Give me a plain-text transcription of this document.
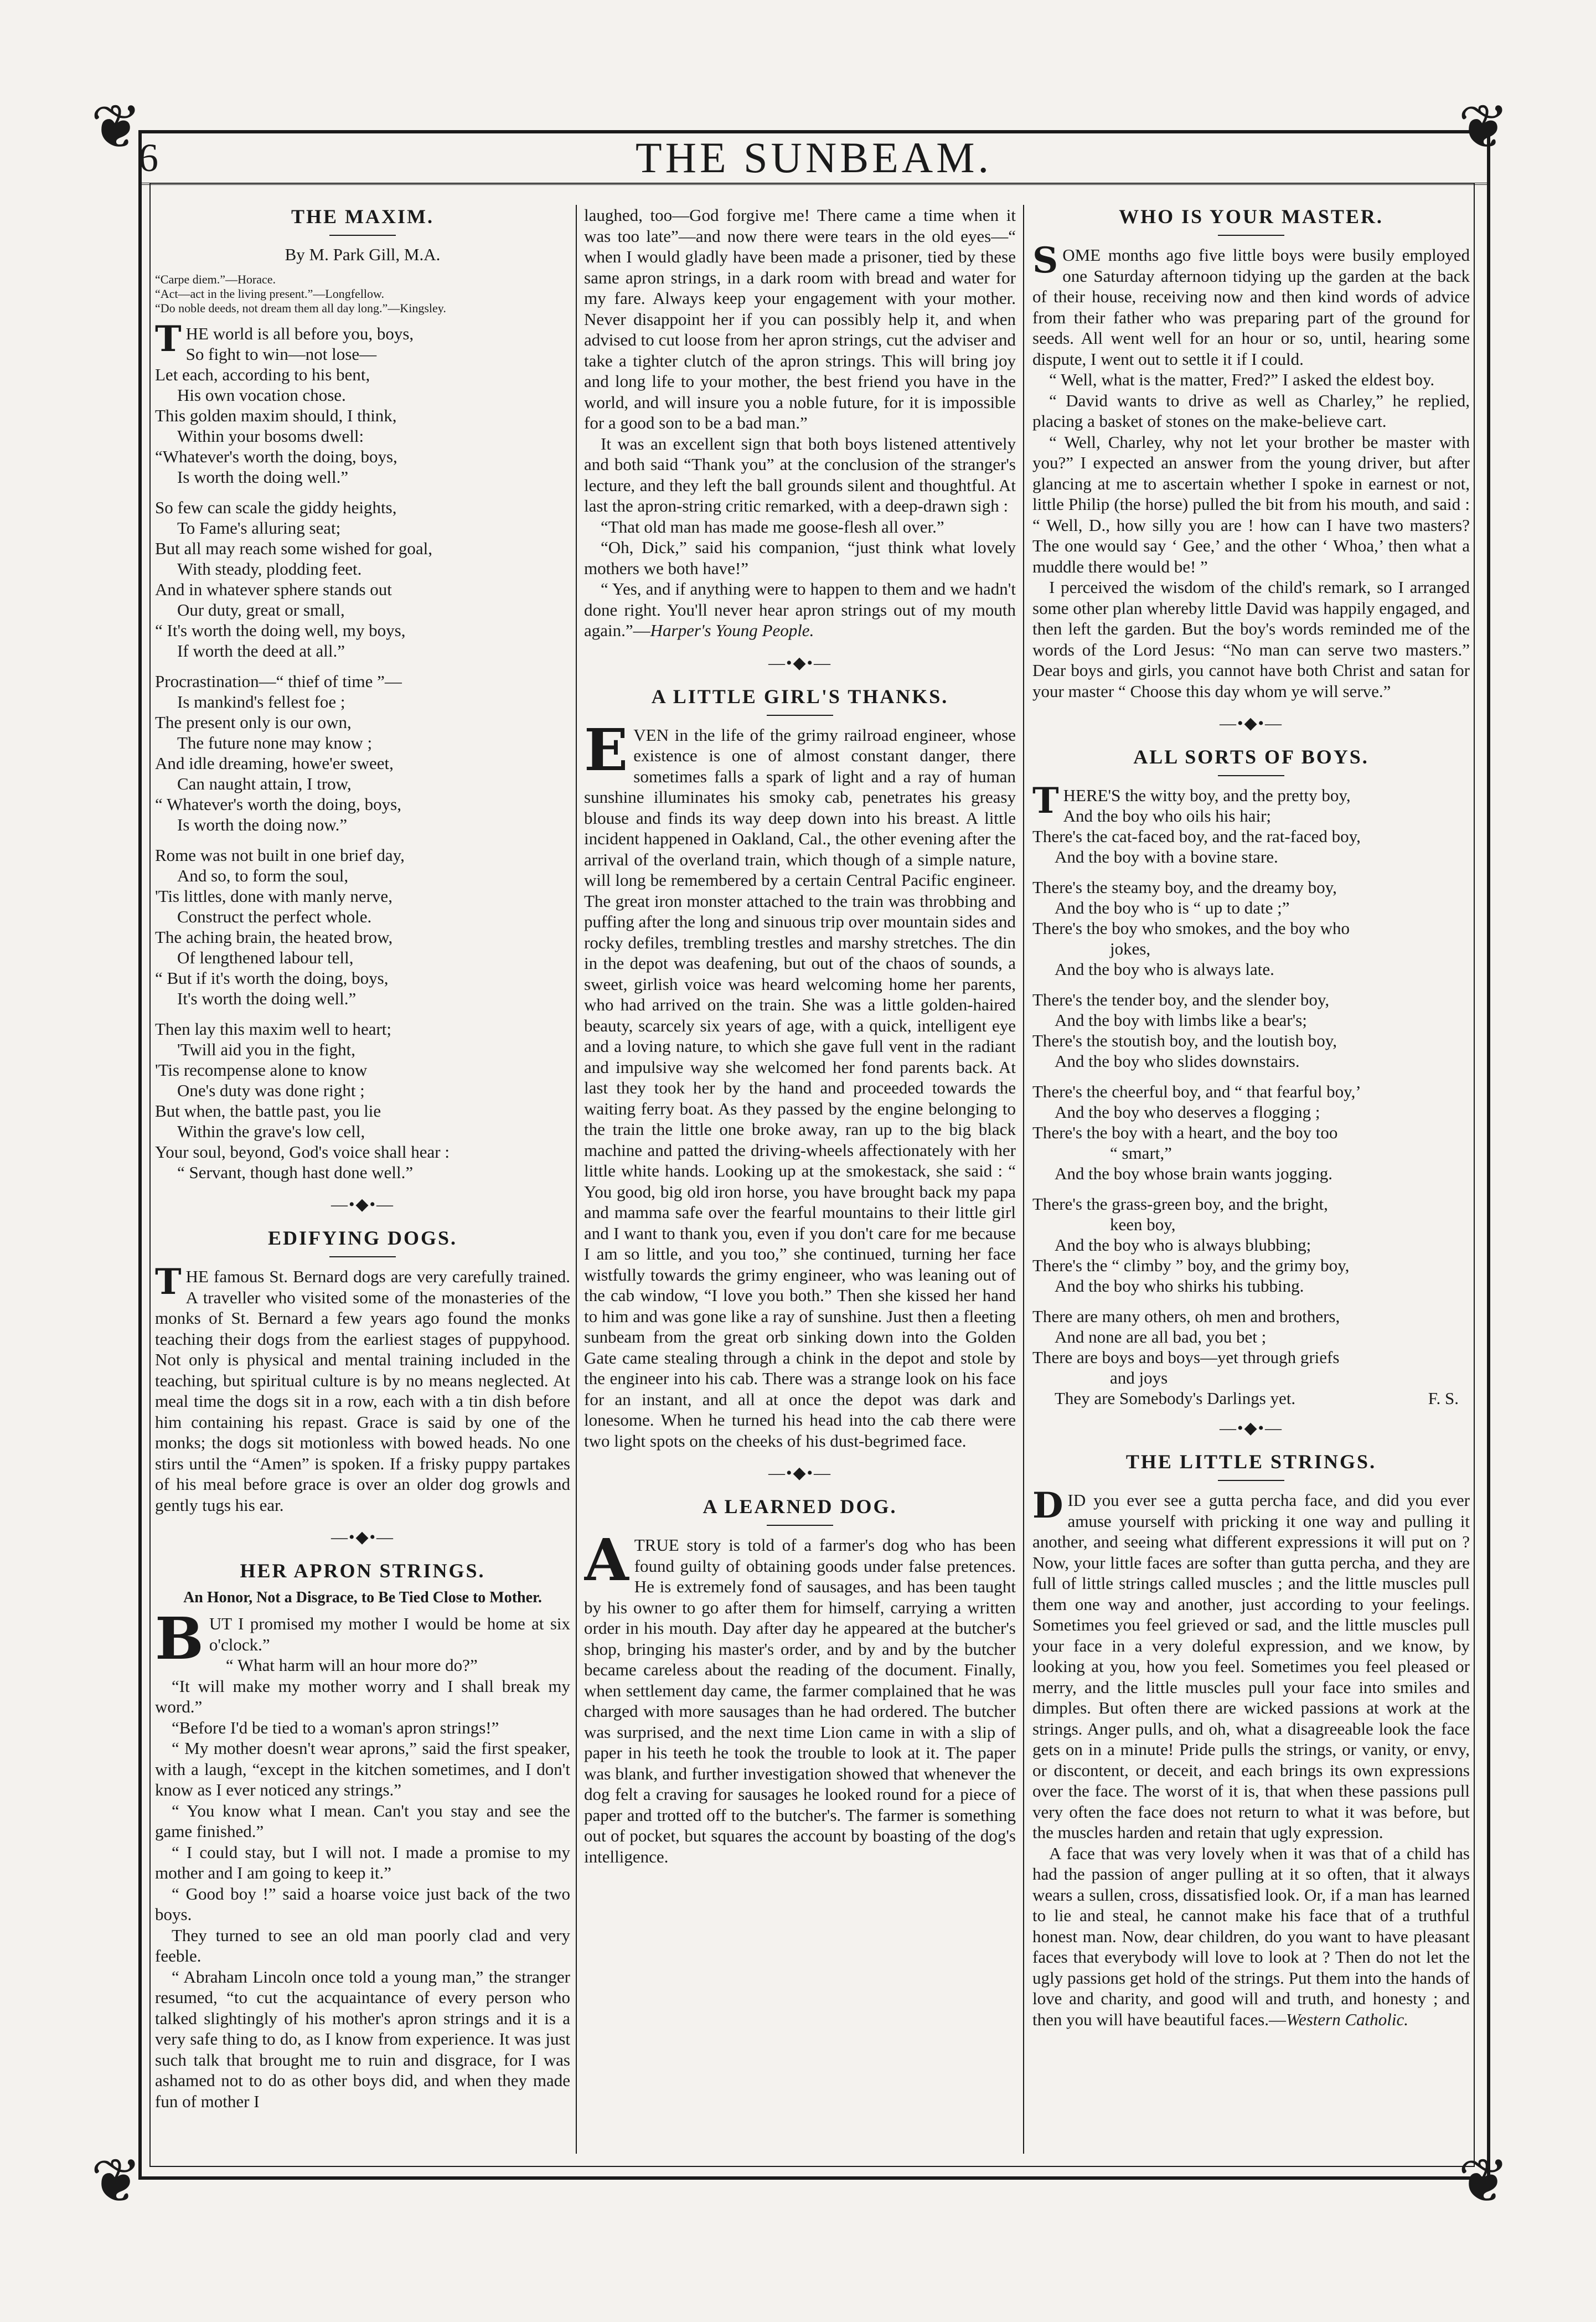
❦	❦
❦	❦
6	THE SUNBEAM.
THE MAXIM.
By M. Park Gill, M.A.
“Carpe diem.”—Horace.
“Act—act in the living present.”—Longfellow.
“Do noble deeds, not dream them all day long.”—Kingsley.
T HE world is all before you, boys,
So fight to win—not lose—
Let each, according to his bent,
His own vocation chose.
This golden maxim should, I think,
Within your bosoms dwell:
“Whatever's worth the doing, boys,
Is worth the doing well.”
So few can scale the giddy heights,
To Fame's alluring seat;
But all may reach some wished for goal,
With steady, plodding feet.
And in whatever sphere stands out
Our duty, great or small,
“ It's worth the doing well, my boys,
If worth the deed at all.”
Procrastination—“ thief of time ”—
Is mankind's fellest foe ;
The present only is our own,
The future none may know ;
And idle dreaming, howe'er sweet,
Can naught attain, I trow,
“ Whatever's worth the doing, boys,
Is worth the doing now.”
Rome was not built in one brief day,
And so, to form the soul,
'Tis littles, done with manly nerve,
Construct the perfect whole.
The aching brain, the heated brow,
Of lengthened labour tell,
“ But if it's worth the doing, boys,
It's worth the doing well.”
Then lay this maxim well to heart;
'Twill aid you in the fight,
'Tis recompense alone to know
One's duty was done right ;
But when, the battle past, you lie
Within the grave's low cell,
Your soul, beyond, God's voice shall hear :
“ Servant, though hast done well.”
—•◆•—
EDIFYING DOGS.

THE famous St. Bernard dogs are very carefully trained. A traveller who visited some of the monasteries of the monks of St. Bernard a few years ago found the monks teaching their dogs from the earliest stages of puppyhood. Not only is physical and mental training included in the teaching, but spiritual culture is by no means neglected. At meal time the dogs sit in a row, each with a tin dish before him containing his repast. Grace is said by one of the monks; the dogs sit motionless with bowed heads. No one stirs until the “Amen” is spoken. If a frisky puppy partakes of his meal before grace is over an older dog growls and gently tugs his ear.

—•◆•—
HER APRON STRINGS.
An Honor, Not a Disgrace, to Be Tied Close to Mother.

BUT I promised my mother I would be home at six o'clock.”

“ What harm will an hour more do?”

“It will make my mother worry and I shall break my word.”

“Before I'd be tied to a woman's apron strings!”

“ My mother doesn't wear aprons,” said the first speaker, with a laugh, “except in the kitchen sometimes, and I don't know as I ever noticed any strings.”

“ You know what I mean. Can't you stay and see the game finished.”

“ I could stay, but I will not. I made a promise to my mother and I am going to keep it.”

“ Good boy !” said a hoarse voice just back of the two boys.

They turned to see an old man poorly clad and very feeble.

“ Abraham Lincoln once told a young man,” the stranger resumed, “to cut the acquaintance of every person who talked slightingly of his mother's apron strings and it is a very safe thing to do, as I know from experience. It was just such talk that brought me to ruin and disgrace, for I was ashamed not to do as other boys did, and when they made fun of mother I

laughed, too—God forgive me! There came a time when it was too late”—and now there were tears in the old eyes—“ when I would gladly have been made a prisoner, tied by these same apron strings, in a dark room with bread and water for my fare. Always keep your engagement with your mother. Never disappoint her if you can possibly help it, and when advised to cut loose from her apron strings, cut the adviser and take a tighter clutch of the apron strings. This will bring joy and long life to your mother, the best friend you have in the world, and will insure you a noble future, for it is impossible for a good son to be a bad man.”

It was an excellent sign that both boys listened attentively and both said “Thank you” at the conclusion of the stranger's lecture, and they left the ball grounds silent and thoughtful. At last the apron-string critic remarked, with a deep-drawn sigh :

“That old man has made me goose-flesh all over.”

“Oh, Dick,” said his companion, “just think what lovely mothers we both have!”

“ Yes, and if anything were to happen to them and we hadn't done right. You'll never hear apron strings out of my mouth again.”—Harper's Young People.

—•◆•—
A LITTLE GIRL'S THANKS.

EVEN in the life of the grimy railroad engineer, whose existence is one of almost constant danger, there sometimes falls a spark of light and a ray of human sunshine illuminates his smoky cab, penetrates his greasy blouse and finds its way deep down into his breast. A little incident happened in Oakland, Cal., the other evening after the arrival of the overland train, which though of a simple nature, will long be remembered by a certain Central Pacific engineer. The great iron monster attached to the train was throbbing and puffing after the long and sinuous trip over mountain sides and rocky defiles, trembling trestles and marshy stretches. The din in the depot was deafening, but out of the chaos of sounds, a sweet, girlish voice was heard welcoming home her parents, who had arrived on the train. She was a little golden-haired beauty, scarcely six years of age, with a quick, intelligent eye and a loving nature, to which she gave full vent in the radiant and impulsive way she welcomed her fond parents back. At last they took her by the hand and proceeded towards the waiting ferry boat. As they passed by the engine belonging to the train the little one broke away, ran up to the big black machine and patted the driving-wheels affectionately with her little white hands. Looking up at the smokestack, she said : “ You good, big old iron horse, you have brought back my papa and mamma safe over the fearful mountains to their little girl and I want to thank you, even if you don't care for me because I am so little, and you too,” she continued, turning her face wistfully towards the grimy engineer, who was leaning out of the cab window, “I love you both.” Then she kissed her hand to him and was gone like a ray of sunshine. Just then a fleeting sunbeam from the great orb sinking down into the Golden Gate came stealing through a chink in the depot and stole by the engineer into his cab. There was a strange look on his face for an instant, and all at once the depot was dark and lonesome. When he turned his head into the cab there were two light spots on the cheeks of his dust-begrimed face.

—•◆•—
A LEARNED DOG.

ATRUE story is told of a farmer's dog who has been found guilty of obtaining goods under false pretences. He is extremely fond of sausages, and has been taught by his owner to go after them for himself, carrying a written order in his mouth. Day after day he appeared at the butcher's shop, bringing his master's order, and by and by the butcher became careless about the reading of the document. Finally, when settlement day came, the farmer complained that he was charged with more sausages than he had ordered. The butcher was surprised, and the next time Lion came in with a slip of paper in his teeth he took the trouble to look at it. The paper was blank, and further investigation showed that whenever the dog felt a craving for sausages he looked round for a piece of paper and trotted off to the butcher's. The farmer is something out of pocket, but squares the account by boasting of the dog's intelligence.

WHO IS YOUR MASTER.

SOME months ago five little boys were busily employed one Saturday afternoon tidying up the garden at the back of their house, receiving now and then kind words of advice from their father who was preparing part of the ground for seeds. All went well for an hour or so, until, hearing some dispute, I went out to settle it if I could.

“ Well, what is the matter, Fred?” I asked the eldest boy.

“ David wants to drive as well as Charley,” he replied, placing a basket of stones on the make-believe cart.

“ Well, Charley, why not let your brother be master with you?” I expected an answer from the young driver, but after glancing at me to ascertain whether I spoke in earnest or not, little Philip (the horse) pulled the bit from his mouth, and said : “ Well, D., how silly you are ! how can I have two masters? The one would say ‘ Gee,’ and the other ‘ Whoa,’ then what a muddle there would be! ”

I perceived the wisdom of the child's remark, so I arranged some other plan whereby little David was happily engaged, and then left the garden. But the boy's words reminded me of the words of the Lord Jesus: “No man can serve two masters.” Dear boys and girls, you cannot have both Christ and satan for your master “ Choose this day whom ye will serve.”

—•◆•—
ALL SORTS OF BOYS.
T HERE'S the witty boy, and the pretty boy,
And the boy who oils his hair;
There's the cat-faced boy, and the rat-faced boy,
And the boy with a bovine stare.
There's the steamy boy, and the dreamy boy,
And the boy who is “ up to date ;”
There's the boy who smokes, and the boy who
jokes,
And the boy who is always late.
There's the tender boy, and the slender boy,
And the boy with limbs like a bear's;
There's the stoutish boy, and the loutish boy,
And the boy who slides downstairs.
There's the cheerful boy, and “ that fearful boy,’
And the boy who deserves a flogging ;
There's the boy with a heart, and the boy too
“ smart,”
And the boy whose brain wants jogging.
There's the grass-green boy, and the bright,
keen boy,
And the boy who is always blubbing;
There's the “ climby ” boy, and the grimy boy,
And the boy who shirks his tubbing.
There are many others, oh men and brothers,
And none are all bad, you bet ;
There are boys and boys—yet through griefs
and joys
They are Somebody's Darlings yet.	F. S.
—•◆•—
THE LITTLE STRINGS.

DID you ever see a gutta percha face, and did you ever amuse yourself with pricking it one way and pulling it another, and seeing what different expressions it will put on ? Now, your little faces are softer than gutta percha, and they are full of little strings called muscles ; and the little muscles pull them one way and another, just according to your feelings. Sometimes you feel grieved or sad, and the little muscles pull your face in a very doleful expression, and we know, by looking at you, how you feel. Sometimes you feel pleased or merry, and the little muscles pull your face into smiles and dimples. But often there are wicked passions at work at the strings. Anger pulls, and oh, what a disagreeable look the face gets on in a minute! Pride pulls the strings, or vanity, or envy, or discontent, or deceit, and each brings its own expressions over the face. The worst of it is, that when these passions pull very often the face does not return to what it was before, but the muscles harden and retain that ugly expression.

A face that was very lovely when it was that of a child has had the passion of anger pulling at it so often, that it always wears a sullen, cross, dissatisfied look. Or, if a man has learned to lie and steal, he cannot make his face that of a truthful honest man. Now, dear children, do you want to have pleasant faces that everybody will love to look at ? Then do not let the ugly passions get hold of the strings. Put them into the hands of love and charity, and good will and truth, and honesty ; and then you will have beautiful faces.—Western Catholic.
